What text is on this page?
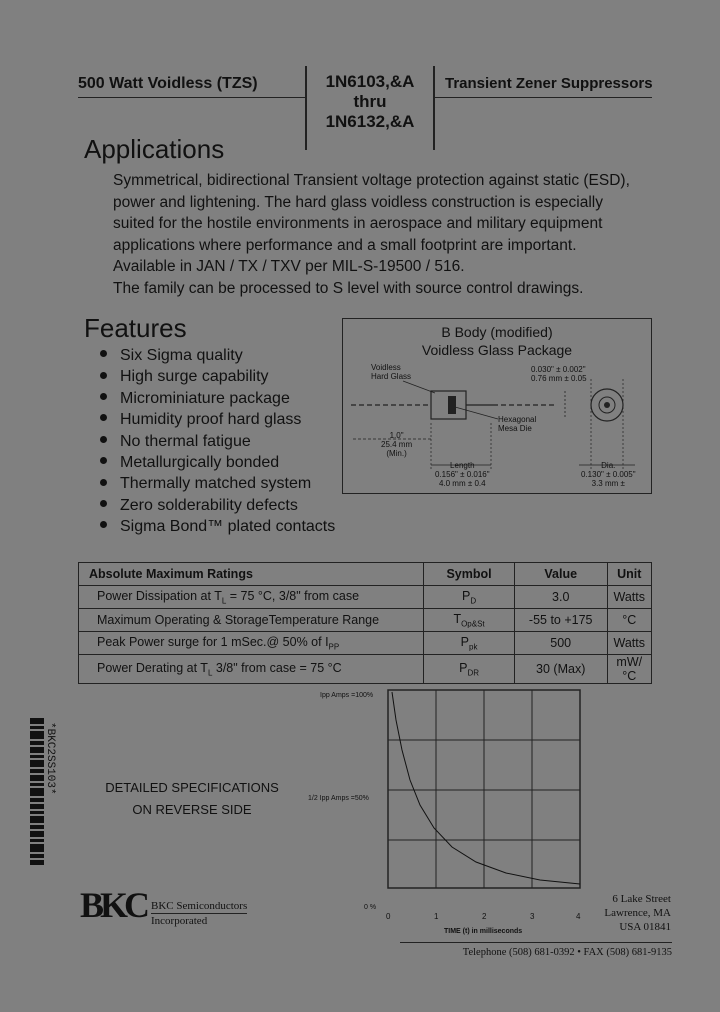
500 Watt Voidless (TZS)	1N6103,&A
thru
1N6132,&A
Transient Zener Suppressors
Applications
Symmetrical, bidirectional Transient voltage protection against static (ESD),
power and lightening. The hard glass voidless construction is especially
suited for the hostile environments in aerospace and military equipment
applications where performance and a small footprint are important.
Available in JAN / TX / TXV per MIL-S-19500 / 516.
The family can be processed to S level with source control drawings.
Features
Six Sigma quality
High surge capability
Microminiature package
Humidity proof hard glass
No thermal fatigue
Metallurgically bonded
Thermally matched system
Zero solderability defects
Sigma Bond™ plated contacts
B Body (modified)
Voidless Glass Package
Voidless
Hard Glass
0.030" ± 0.002"
0.76 mm ± 0.05
Hexagonal
Mesa Die
1.0"
25.4 mm
(Min.)
Length
0.156" ± 0.016"
4.0 mm ± 0.4
Dia.
0.130" ± 0.005"
3.3 mm ±
Absolute Maximum Ratings	Symbol	Value	Unit
Power Dissipation at $T_L = 75$ °C, 3/8" from case	$P_D$	3.0	Watts
Maximum Operating & StorageTemperature Range	$T_{Op\&St}$	-55 to +175	°C
Peak Power surge for 1 mSec.@ 50% of $I_{PP}$	$P_{pk}$	500	Watts
Power Derating at $T_L$ 3/8" from case = 75 °C	$P_{DR}$	30 (Max)	mW/°C
DETAILED SPECIFICATIONS
ON REVERSE SIDE
Ipp Amps =100%
1/2 Ipp Amps =50%
0 %
0	1	2	3	4
TIME (t) in milliseconds
BKC BKC Semiconductors
Incorporated
6 Lake Street
Lawrence, MA
USA 01841
Telephone (508) 681-0392 • FAX (508) 681-9135
*BKC2SS103*
